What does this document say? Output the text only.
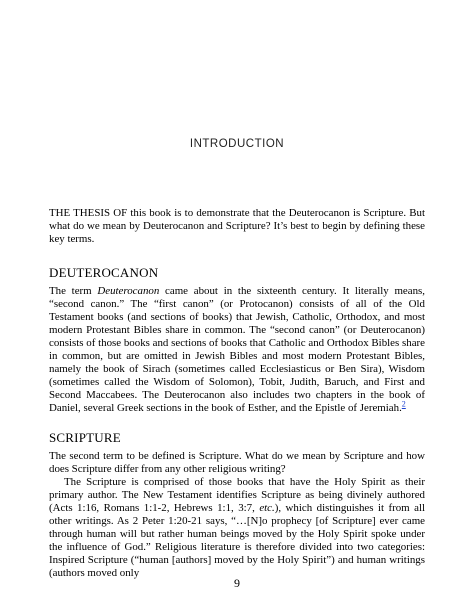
INTRODUCTION

THE THESIS OF this book is to demonstrate that the Deuterocanon is Scripture. But what do we mean by Deuterocanon and Scripture? It’s best to begin by defining these key terms.

DEUTEROCANON

The term Deuterocanon came about in the sixteenth century. It literally means, “second canon.” The “first canon” (or Protocanon) consists of all of the Old Testament books (and sections of books) that Jewish, Catholic, Orthodox, and most modern Protestant Bibles share in common. The “second canon” (or Deuterocanon) consists of those books and sections of books that Catholic and Orthodox Bibles share in common, but are omitted in Jewish Bibles and most modern Protestant Bibles, namely the book of Sirach (sometimes called Ecclesiasticus or Ben Sira), Wisdom (sometimes called the Wisdom of Solomon), Tobit, Judith, Baruch, and First and Second Maccabees. The Deuterocanon also includes two chapters in the book of Daniel, several Greek sections in the book of Esther, and the Epistle of Jeremiah.$^2$

SCRIPTURE

The second term to be defined is Scripture. What do we mean by Scripture and how does Scripture differ from any other religious writing?

The Scripture is comprised of those books that have the Holy Spirit as their primary author. The New Testament identifies Scripture as being divinely authored (Acts 1:16, Romans 1:1-2, Hebrews 1:1, 3:7, etc.), which distinguishes it from all other writings. As 2 Peter 1:20-21 says, “…[N]o prophecy [of Scripture] ever came through human will but rather human beings moved by the Holy Spirit spoke under the influence of God.” Religious literature is therefore divided into two categories: Inspired Scripture (“human [authors] moved by the Holy Spirit”) and human writings (authors moved only

9
